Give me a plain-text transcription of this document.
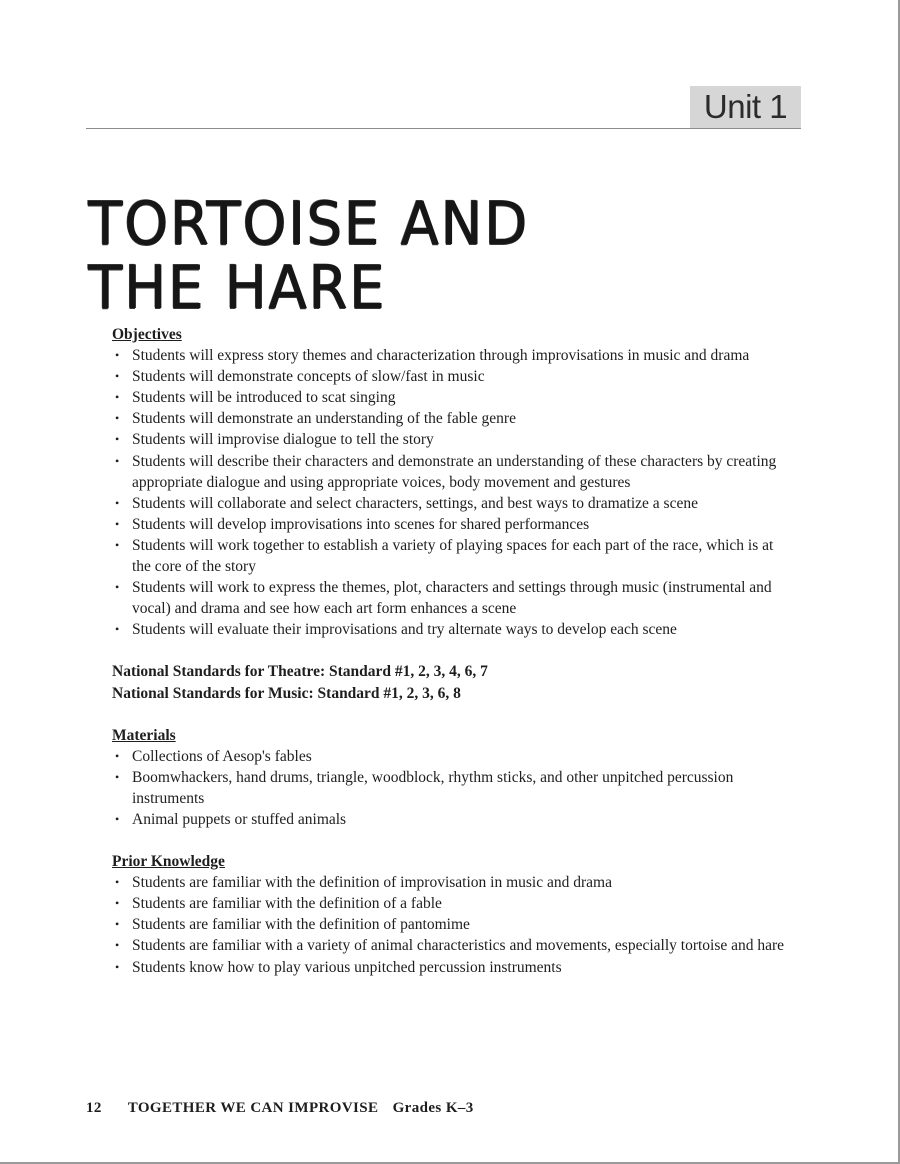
Unit 1
TORTOISE AND
THE HARE

Objectives

• Students will express story themes and characterization through improvisations in music and drama
• Students will demonstrate concepts of slow/fast in music
• Students will be introduced to scat singing
• Students will demonstrate an understanding of the fable genre
• Students will improvise dialogue to tell the story
• Students will describe their characters and demonstrate an understanding of these characters by creating appropriate dialogue and using appropriate voices, body movement and gestures
• Students will collaborate and select characters, settings, and best ways to dramatize a scene
• Students will develop improvisations into scenes for shared performances
• Students will work together to establish a variety of playing spaces for each part of the race, which is at the core of the story
• Students will work to express the themes, plot, characters and settings through music (instrumental and vocal) and drama and see how each art form enhances a scene
• Students will evaluate their improvisations and try alternate ways to develop each scene

National Standards for Theatre: Standard #1, 2, 3, 4, 6, 7

National Standards for Music: Standard #1, 2, 3, 6, 8

Materials

• Collections of Aesop's fables
• Boomwhackers, hand drums, triangle, woodblock, rhythm sticks, and other unpitched percussion instruments
• Animal puppets or stuffed animals

Prior Knowledge

• Students are familiar with the definition of improvisation in music and drama
• Students are familiar with the definition of a fable
• Students are familiar with the definition of pantomime
• Students are familiar with a variety of animal characteristics and movements, especially tortoise and hare
• Students know how to play various unpitched percussion instruments
12 TOGETHER WE CAN IMPROVISE Grades K–3
